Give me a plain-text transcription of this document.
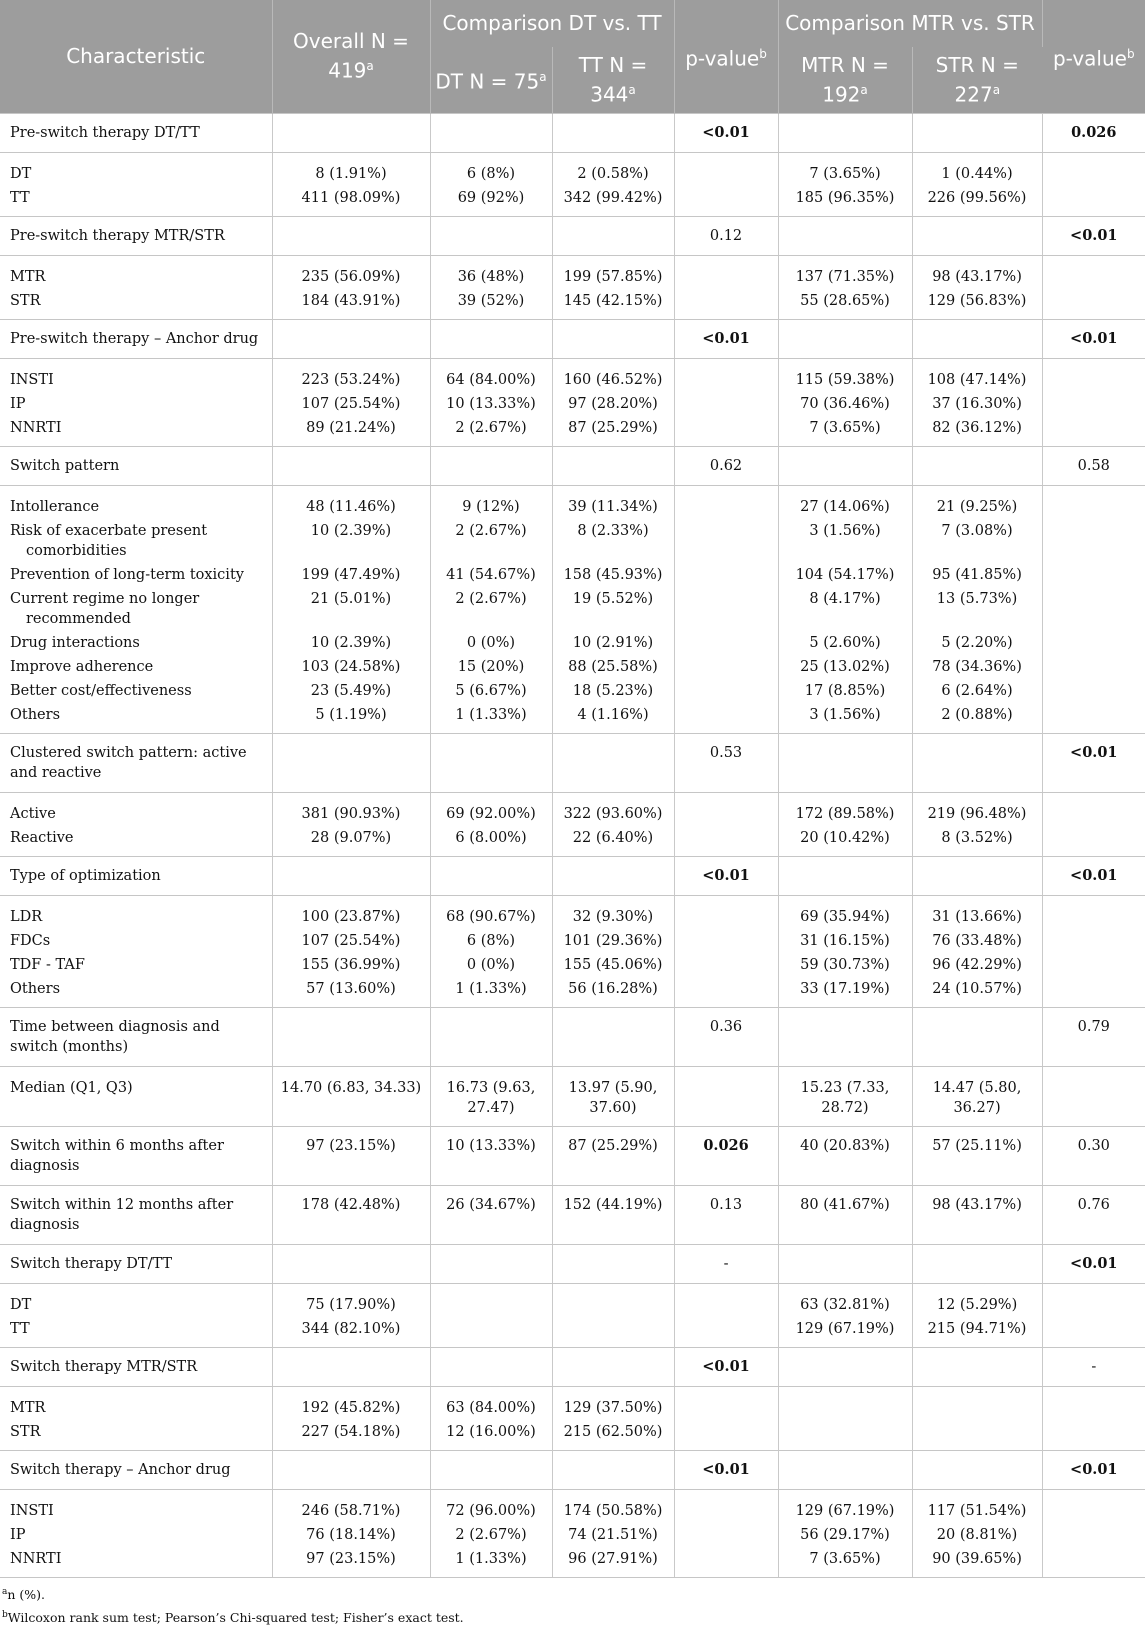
Characteristic	Overall $N = 419^a$	Comparison DT vs. TT		p-value$^b$	Comparison MTR vs. STR		p-value$^b$
		DT $N = 75^a$	TT $N = 344^a$		MTR $N = 192^a$	STR $N = 227^a$
Pre-switch therapy DT/TT				<0.01			0.026
DT	8 (1.91%)	6 (8%)	2 (0.58%)		7 (3.65%)	1 (0.44%)	
TT	411 (98.09%)	69 (92%)	342 (99.42%)		185 (96.35%)	226 (99.56%)	
Pre-switch therapy MTR/STR				0.12			<0.01
MTR	235 (56.09%)	36 (48%)	199 (57.85%)		137 (71.35%)	98 (43.17%)	
STR	184 (43.91%)	39 (52%)	145 (42.15%)		55 (28.65%)	129 (56.83%)	
Pre-switch therapy – Anchor drug				<0.01			<0.01
INSTI	223 (53.24%)	64 (84.00%)	160 (46.52%)		115 (59.38%)	108 (47.14%)	
IP	107 (25.54%)	10 (13.33%)	97 (28.20%)		70 (36.46%)	37 (16.30%)	
NNRTI	89 (21.24%)	2 (2.67%)	87 (25.29%)		7 (3.65%)	82 (36.12%)	
Switch pattern				0.62			0.58
Intollerance	48 (11.46%)	9 (12%)	39 (11.34%)		27 (14.06%)	21 (9.25%)	
Risk of exacerbate present comorbidities	10 (2.39%)	2 (2.67%)	8 (2.33%)		3 (1.56%)	7 (3.08%)	
Prevention of long-term toxicity	199 (47.49%)	41 (54.67%)	158 (45.93%)		104 (54.17%)	95 (41.85%)	
Current regime no longer recommended	21 (5.01%)	2 (2.67%)	19 (5.52%)		8 (4.17%)	13 (5.73%)	
Drug interactions	10 (2.39%)	0 (0%)	10 (2.91%)		5 (2.60%)	5 (2.20%)	
Improve adherence	103 (24.58%)	15 (20%)	88 (25.58%)		25 (13.02%)	78 (34.36%)	
Better cost/effectiveness	23 (5.49%)	5 (6.67%)	18 (5.23%)		17 (8.85%)	6 (2.64%)	
Others	5 (1.19%)	1 (1.33%)	4 (1.16%)		3 (1.56%)	2 (0.88%)	
Clustered switch pattern: active and reactive				0.53			<0.01
Active	381 (90.93%)	69 (92.00%)	322 (93.60%)		172 (89.58%)	219 (96.48%)	
Reactive	28 (9.07%)	6 (8.00%)	22 (6.40%)		20 (10.42%)	8 (3.52%)	
Type of optimization				<0.01			<0.01
LDR	100 (23.87%)	68 (90.67%)	32 (9.30%)		69 (35.94%)	31 (13.66%)	
FDCs	107 (25.54%)	6 (8%)	101 (29.36%)		31 (16.15%)	76 (33.48%)	
TDF - TAF	155 (36.99%)	0 (0%)	155 (45.06%)		59 (30.73%)	96 (42.29%)	
Others	57 (13.60%)	1 (1.33%)	56 (16.28%)		33 (17.19%)	24 (10.57%)	
Time between diagnosis and switch (months)				0.36			0.79
Median (Q1, Q3)	14.70 (6.83, 34.33)	16.73 (9.63, 27.47)	13.97 (5.90, 37.60)		15.23 (7.33, 28.72)	14.47 (5.80, 36.27)	
Switch within 6 months after diagnosis	97 (23.15%)	10 (13.33%)	87 (25.29%)	0.026	40 (20.83%)	57 (25.11%)	0.30
Switch within 12 months after diagnosis	178 (42.48%)	26 (34.67%)	152 (44.19%)	0.13	80 (41.67%)	98 (43.17%)	0.76
Switch therapy DT/TT				-			<0.01
DT	75 (17.90%)				63 (32.81%)	12 (5.29%)	
TT	344 (82.10%)				129 (67.19%)	215 (94.71%)	
Switch therapy MTR/STR				<0.01			-
MTR	192 (45.82%)	63 (84.00%)	129 (37.50%)				
STR	227 (54.18%)	12 (16.00%)	215 (62.50%)				
Switch therapy – Anchor drug				<0.01			<0.01
INSTI	246 (58.71%)	72 (96.00%)	174 (50.58%)		129 (67.19%)	117 (51.54%)	
IP	76 (18.14%)	2 (2.67%)	74 (21.51%)		56 (29.17%)	20 (8.81%)	
NNRTI	97 (23.15%)	1 (1.33%)	96 (27.91%)		7 (3.65%)	90 (39.65%)	
$^a$n (%).
$^b$Wilcoxon rank sum test; Pearson’s Chi-squared test; Fisher’s exact test.
